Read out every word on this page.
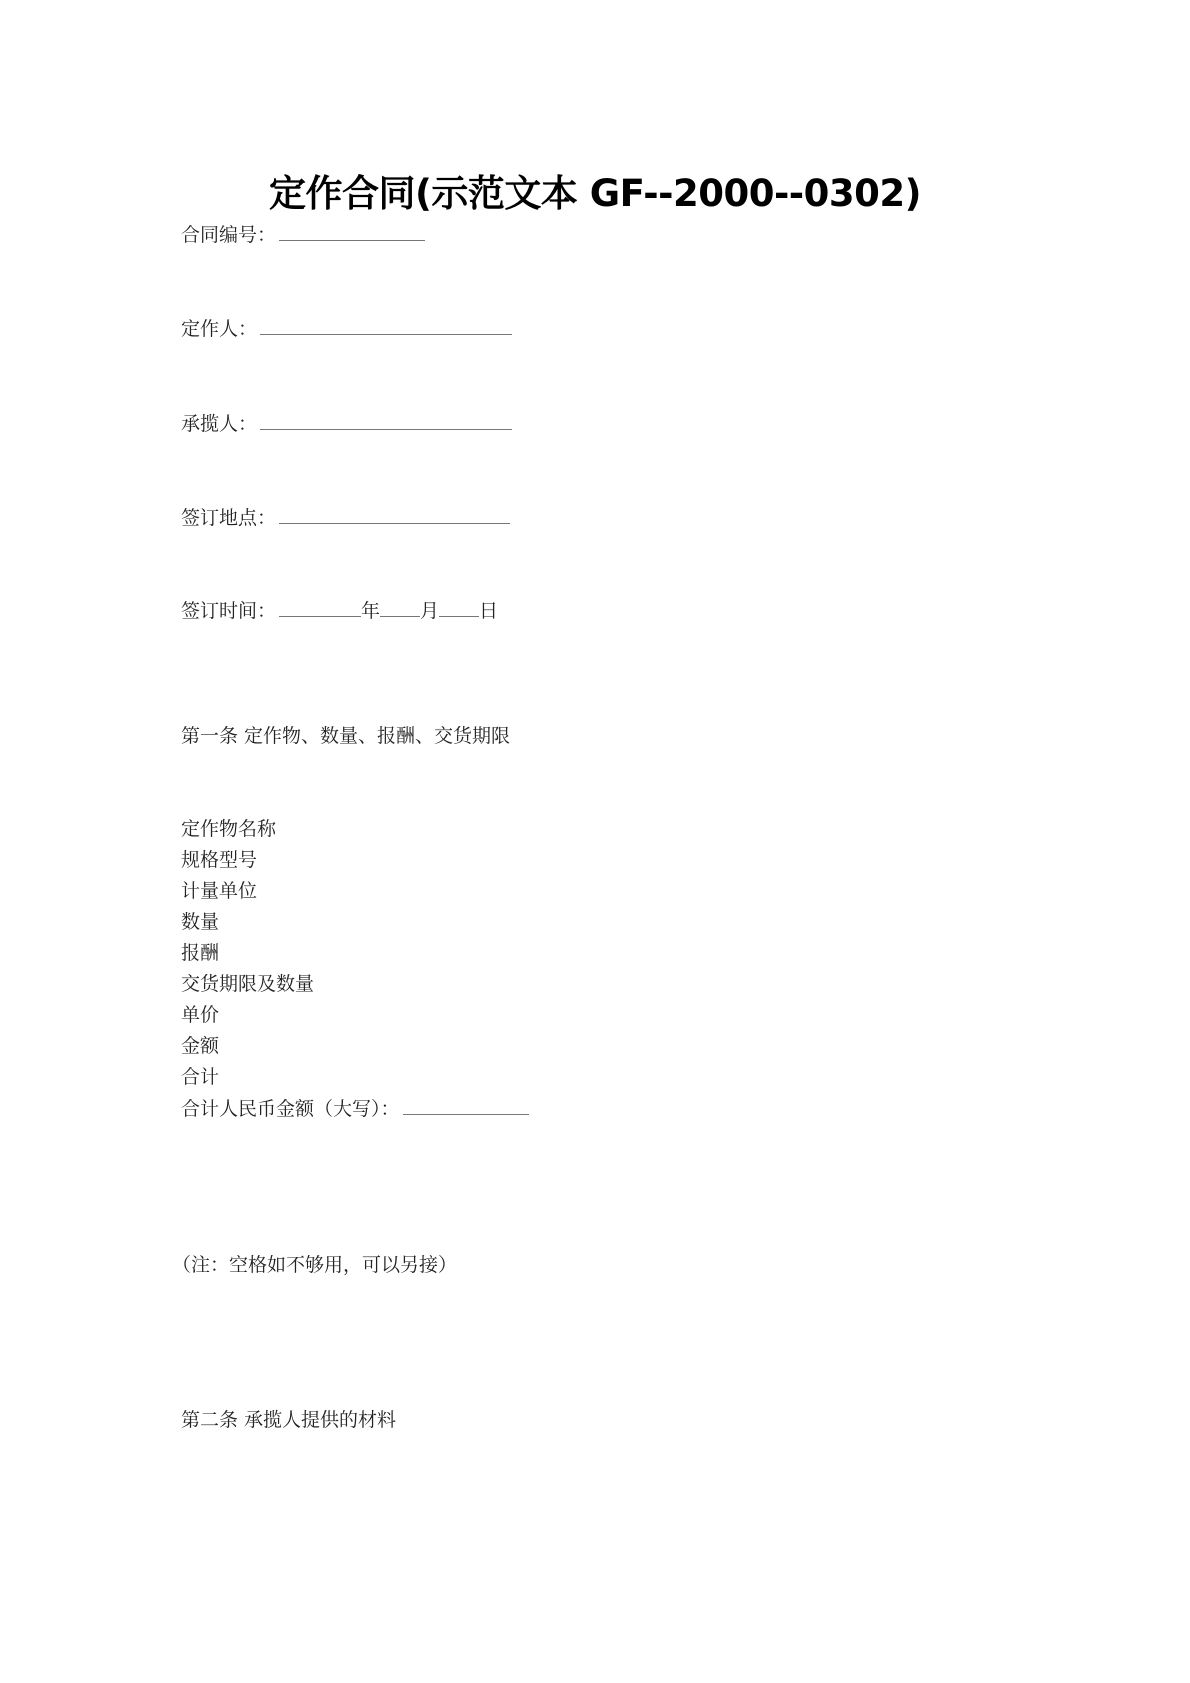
定作合同(示范文本 GF--2000--0302)
合同编号：
定作人：
承揽人：
签订地点：
签订时间：	年 月 日
第一条 定作物、数量、报酬、交货期限
定作物名称
规格型号
计量单位
数量
报酬
交货期限及数量
单价
金额
合计
合计人民币金额（大写）：
（注：空格如不够用，可以另接）
第二条 承揽人提供的材料
